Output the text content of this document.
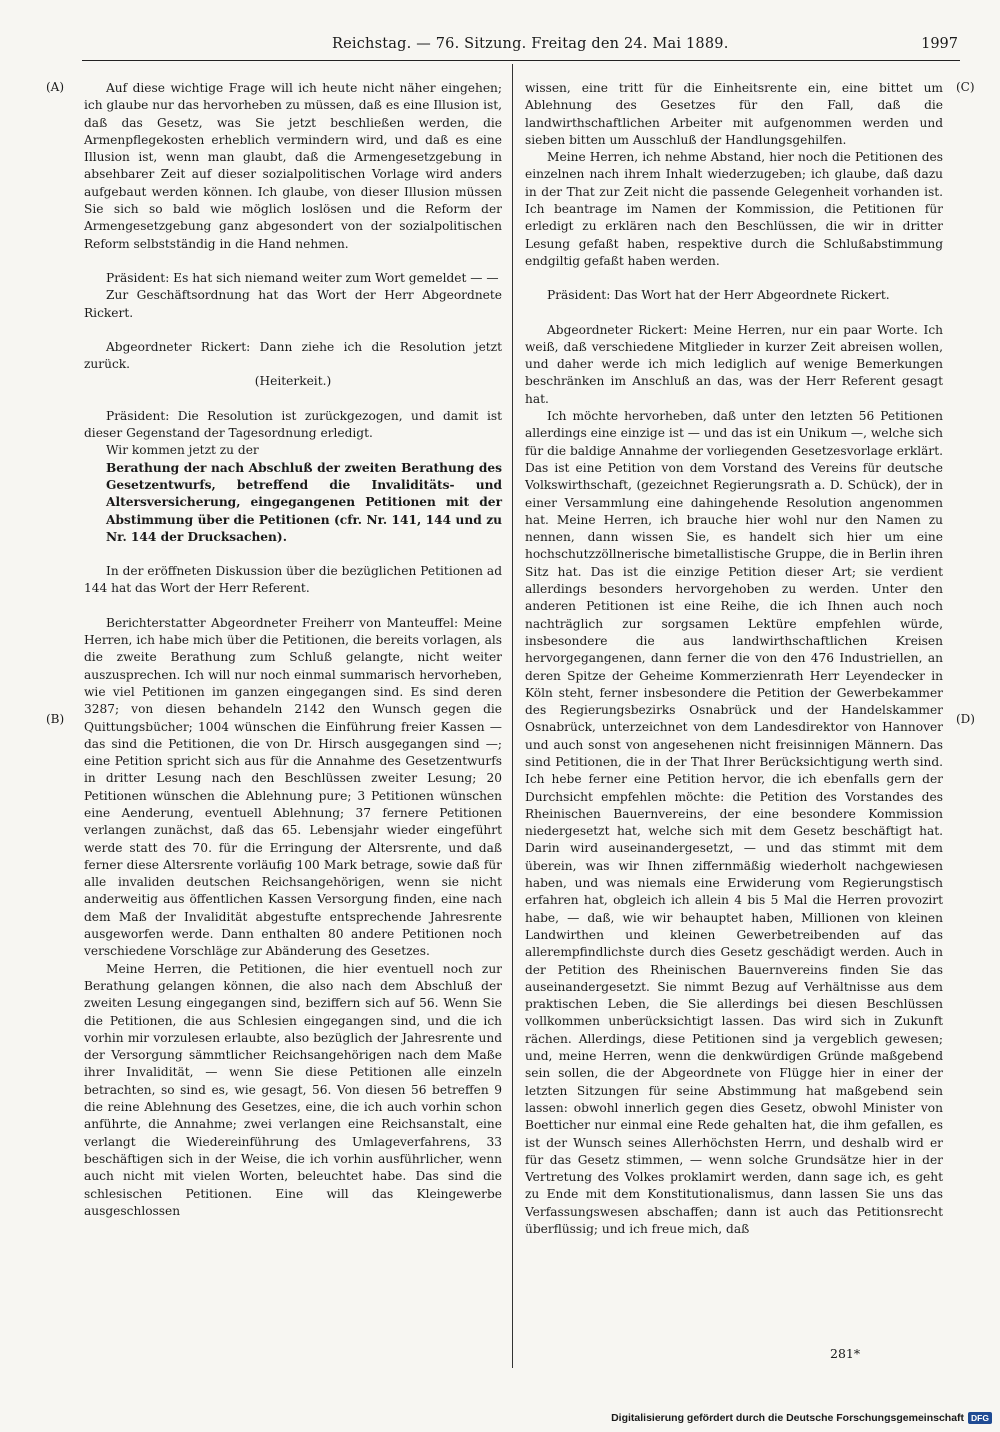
Reichstag. — 76. Sitzung. Freitag den 24. Mai 1889.	1997
(A)
(B)
(C)
(D)

Auf diese wichtige Frage will ich heute nicht näher eingehen; ich glaube nur das hervorheben zu müssen, daß es eine Illusion ist, daß das Gesetz, was Sie jetzt beschließen werden, die Armenpflegekosten erheblich vermindern wird, und daß es eine Illusion ist, wenn man glaubt, daß die Armengesetzgebung in absehbarer Zeit auf dieser sozialpolitischen Vorlage wird anders aufgebaut werden können. Ich glaube, von dieser Illusion müssen Sie sich so bald wie möglich loslösen und die Reform der Armengesetzgebung ganz abgesondert von der sozialpolitischen Reform selbstständig in die Hand nehmen.

Präsident: Es hat sich niemand weiter zum Wort gemeldet — —

Zur Geschäftsordnung hat das Wort der Herr Abgeordnete Rickert.

Abgeordneter Rickert: Dann ziehe ich die Resolution jetzt zurück.

(Heiterkeit.)

Präsident: Die Resolution ist zurückgezogen, und damit ist dieser Gegenstand der Tagesordnung erledigt.

Wir kommen jetzt zu der

Berathung der nach Abschluß der zweiten Berathung des Gesetzentwurfs, betreffend die Invaliditäts- und Altersversicherung, eingegangenen Petitionen mit der Abstimmung über die Petitionen (cfr. Nr. 141, 144 und zu Nr. 144 der Drucksachen).

In der eröffneten Diskussion über die bezüglichen Petitionen ad 144 hat das Wort der Herr Referent.

Berichterstatter Abgeordneter Freiherr von Manteuffel: Meine Herren, ich habe mich über die Petitionen, die bereits vorlagen, als die zweite Berathung zum Schluß gelangte, nicht weiter auszusprechen. Ich will nur noch einmal summarisch hervorheben, wie viel Petitionen im ganzen eingegangen sind. Es sind deren 3287; von diesen behandeln 2142 den Wunsch gegen die Quittungsbücher; 1004 wünschen die Einführung freier Kassen — das sind die Petitionen, die von Dr. Hirsch ausgegangen sind —; eine Petition spricht sich aus für die Annahme des Gesetzentwurfs in dritter Lesung nach den Beschlüssen zweiter Lesung; 20 Petitionen wünschen die Ablehnung pure; 3 Petitionen wünschen eine Aenderung, eventuell Ablehnung; 37 fernere Petitionen verlangen zunächst, daß das 65. Lebensjahr wieder eingeführt werde statt des 70. für die Erringung der Altersrente, und daß ferner diese Altersrente vorläufig 100 Mark betrage, sowie daß für alle invaliden deutschen Reichsangehörigen, wenn sie nicht anderweitig aus öffentlichen Kassen Versorgung finden, eine nach dem Maß der Invalidität abgestufte entsprechende Jahresrente ausgeworfen werde. Dann enthalten 80 andere Petitionen noch verschiedene Vorschläge zur Abänderung des Gesetzes.

Meine Herren, die Petitionen, die hier eventuell noch zur Berathung gelangen können, die also nach dem Abschluß der zweiten Lesung eingegangen sind, beziffern sich auf 56. Wenn Sie die Petitionen, die aus Schlesien eingegangen sind, und die ich vorhin mir vorzulesen erlaubte, also bezüglich der Jahresrente und der Versorgung sämmtlicher Reichsangehörigen nach dem Maße ihrer Invalidität, — wenn Sie diese Petitionen alle einzeln betrachten, so sind es, wie gesagt, 56. Von diesen 56 betreffen 9 die reine Ablehnung des Gesetzes, eine, die ich auch vorhin schon anführte, die Annahme; zwei verlangen eine Reichsanstalt, eine verlangt die Wiedereinführung des Umlageverfahrens, 33 beschäftigen sich in der Weise, die ich vorhin ausführlicher, wenn auch nicht mit vielen Worten, beleuchtet habe. Das sind die schlesischen Petitionen. Eine will das Kleingewerbe ausgeschlossen

wissen, eine tritt für die Einheitsrente ein, eine bittet um Ablehnung des Gesetzes für den Fall, daß die landwirthschaftlichen Arbeiter mit aufgenommen werden und sieben bitten um Ausschluß der Handlungsgehilfen.

Meine Herren, ich nehme Abstand, hier noch die Petitionen des einzelnen nach ihrem Inhalt wiederzugeben; ich glaube, daß dazu in der That zur Zeit nicht die passende Gelegenheit vorhanden ist. Ich beantrage im Namen der Kommission, die Petitionen für erledigt zu erklären nach den Beschlüssen, die wir in dritter Lesung gefaßt haben, respektive durch die Schlußabstimmung endgiltig gefaßt haben werden.

Präsident: Das Wort hat der Herr Abgeordnete Rickert.

Abgeordneter Rickert: Meine Herren, nur ein paar Worte. Ich weiß, daß verschiedene Mitglieder in kurzer Zeit abreisen wollen, und daher werde ich mich lediglich auf wenige Bemerkungen beschränken im Anschluß an das, was der Herr Referent gesagt hat.

Ich möchte hervorheben, daß unter den letzten 56 Petitionen allerdings eine einzige ist — und das ist ein Unikum —, welche sich für die baldige Annahme der vorliegenden Gesetzesvorlage erklärt. Das ist eine Petition von dem Vorstand des Vereins für deutsche Volkswirthschaft, (gezeichnet Regierungsrath a. D. Schück), der in einer Versammlung eine dahingehende Resolution angenommen hat. Meine Herren, ich brauche hier wohl nur den Namen zu nennen, dann wissen Sie, es handelt sich hier um eine hochschutzzöllnerische bimetallistische Gruppe, die in Berlin ihren Sitz hat. Das ist die einzige Petition dieser Art; sie verdient allerdings besonders hervorgehoben zu werden. Unter den anderen Petitionen ist eine Reihe, die ich Ihnen auch noch nachträglich zur sorgsamen Lektüre empfehlen würde, insbesondere die aus landwirthschaftlichen Kreisen hervorgegangenen, dann ferner die von den 476 Industriellen, an deren Spitze der Geheime Kommerzienrath Herr Leyendecker in Köln steht, ferner insbesondere die Petition der Gewerbekammer des Regierungsbezirks Osnabrück und der Handelskammer Osnabrück, unterzeichnet von dem Landesdirektor von Hannover und auch sonst von angesehenen nicht freisinnigen Männern. Das sind Petitionen, die in der That Ihrer Berücksichtigung werth sind. Ich hebe ferner eine Petition hervor, die ich ebenfalls gern der Durchsicht empfehlen möchte: die Petition des Vorstandes des Rheinischen Bauernvereins, der eine besondere Kommission niedergesetzt hat, welche sich mit dem Gesetz beschäftigt hat. Darin wird auseinandergesetzt, — und das stimmt mit dem überein, was wir Ihnen ziffernmäßig wiederholt nachgewiesen haben, und was niemals eine Erwiderung vom Regierungstisch erfahren hat, obgleich ich allein 4 bis 5 Mal die Herren provozirt habe, — daß, wie wir behauptet haben, Millionen von kleinen Landwirthen und kleinen Gewerbetreibenden auf das allerempfindlichste durch dies Gesetz geschädigt werden. Auch in der Petition des Rheinischen Bauernvereins finden Sie das auseinandergesetzt. Sie nimmt Bezug auf Verhältnisse aus dem praktischen Leben, die Sie allerdings bei diesen Beschlüssen vollkommen unberücksichtigt lassen. Das wird sich in Zukunft rächen. Allerdings, diese Petitionen sind ja vergeblich gewesen; und, meine Herren, wenn die denkwürdigen Gründe maßgebend sein sollen, die der Abgeordnete von Flügge hier in einer der letzten Sitzungen für seine Abstimmung hat maßgebend sein lassen: obwohl innerlich gegen dies Gesetz, obwohl Minister von Boetticher nur einmal eine Rede gehalten hat, die ihm gefallen, es ist der Wunsch seines Allerhöchsten Herrn, und deshalb wird er für das Gesetz stimmen, — wenn solche Grundsätze hier in der Vertretung des Volkes proklamirt werden, dann sage ich, es geht zu Ende mit dem Konstitutionalismus, dann lassen Sie uns das Verfassungswesen abschaffen; dann ist auch das Petitionsrecht überflüssig; und ich freue mich, daß

281*
Digitalisierung gefördert durch die Deutsche Forschungsgemeinschaft DFG
